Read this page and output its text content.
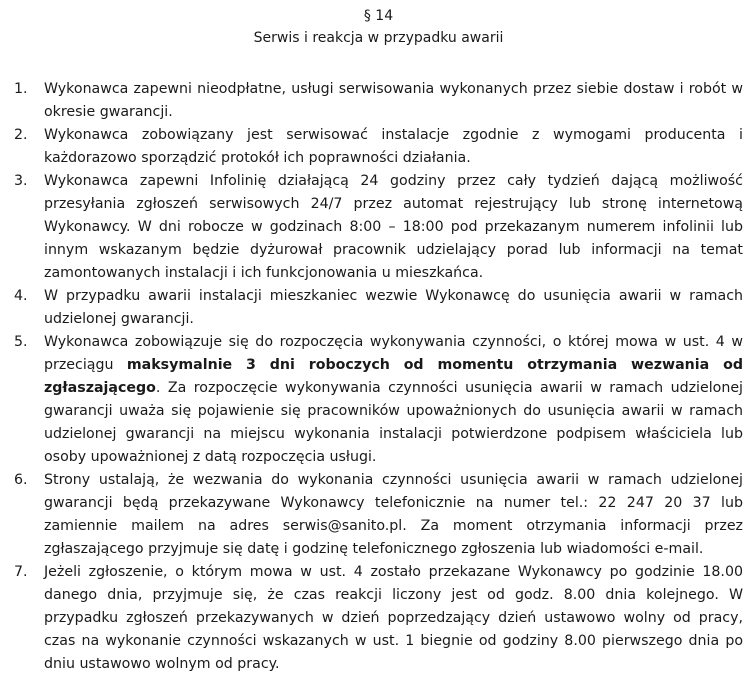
§ 14
Serwis i reakcja w przypadku awarii
1.	Wykonawca zapewni nieodpłatne, usługi serwisowania wykonanych przez siebie dostaw i robót w okresie gwarancji.
2.	Wykonawca zobowiązany jest serwisować instalacje zgodnie z wymogami producenta i każdorazowo sporządzić protokół ich poprawności działania.
3.	Wykonawca zapewni Infolinię działającą 24 godziny przez cały tydzień dającą możliwość przesyłania zgłoszeń serwisowych 24/7 przez automat rejestrujący lub stronę internetową Wykonawcy. W dni robocze w godzinach 8:00 – 18:00 pod przekazanym numerem infolinii lub innym wskazanym będzie dyżurował pracownik udzielający porad lub informacji na temat zamontowanych instalacji i ich funkcjonowania u mieszkańca.
4.	W przypadku awarii instalacji mieszkaniec wezwie Wykonawcę do usunięcia awarii w ramach udzielonej gwarancji.
5.	Wykonawca zobowiązuje się do rozpoczęcia wykonywania czynności, o której mowa w ust. 4 w przeciągu maksymalnie 3 dni roboczych od momentu otrzymania wezwania od zgłaszającego. Za rozpoczęcie wykonywania czynności usunięcia awarii w ramach udzielonej gwarancji uważa się pojawienie się pracowników upoważnionych do usunięcia awarii w ramach udzielonej gwarancji na miejscu wykonania instalacji potwierdzone podpisem właściciela lub osoby upoważnionej z datą rozpoczęcia usługi.
6.	Strony ustalają, że wezwania do wykonania czynności usunięcia awarii w ramach udzielonej gwarancji będą przekazywane Wykonawcy telefonicznie na numer tel.: 22 247 20 37 lub zamiennie mailem na adres serwis@sanito.pl. Za moment otrzymania informacji przez zgłaszającego przyjmuje się datę i godzinę telefonicznego zgłoszenia lub wiadomości e-mail.
7.	Jeżeli zgłoszenie, o którym mowa w ust. 4 zostało przekazane Wykonawcy po godzinie 18.00 danego dnia, przyjmuje się, że czas reakcji liczony jest od godz. 8.00 dnia kolejnego. W przypadku zgłoszeń przekazywanych w dzień poprzedzający dzień ustawowo wolny od pracy, czas na wykonanie czynności wskazanych w ust. 1 biegnie od godziny 8.00 pierwszego dnia po dniu ustawowo wolnym od pracy.
